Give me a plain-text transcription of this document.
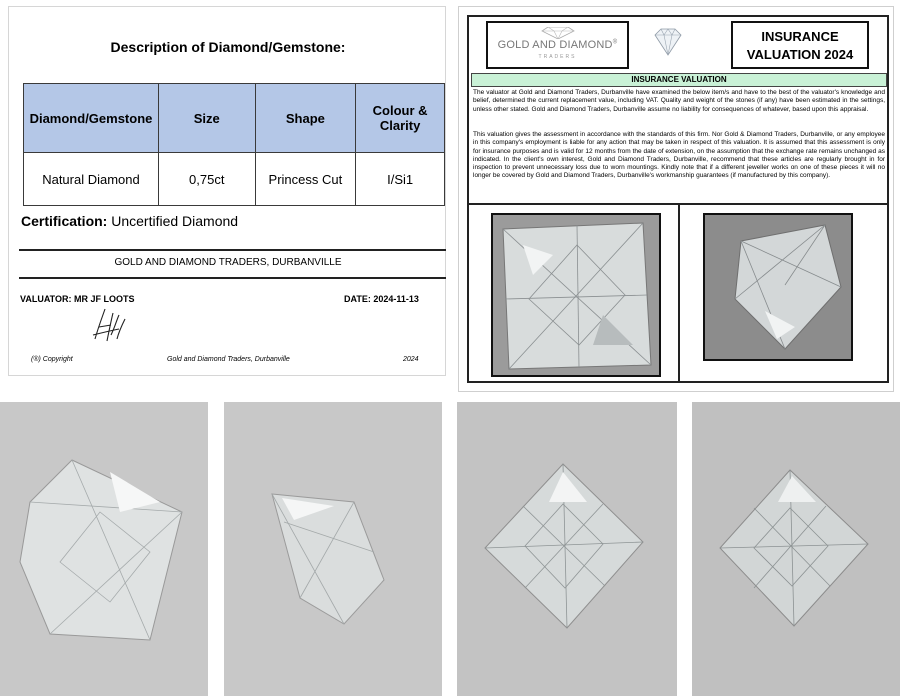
Description of Diamond/Gemstone:
Diamond/Gemstone	Size	Shape	Colour & Clarity
Natural Diamond	0,75ct	Princess Cut	I/Si1
Certification: Uncertified Diamond
GOLD AND DIAMOND TRADERS, DURBANVILLE
VALUATOR: MR JF LOOTS	DATE: 2024-11-13
(®) Copyright	Gold and Diamond Traders, Durbanville	2024
GOLD AND DIAMOND®
TRADERS
INSURANCE
VALUATION 2024
INSURANCE VALUATION
The valuator at Gold and Diamond Traders, Durbanville have examined the below item/s and have to the best of the valuator's knowledge and belief, determined the current replacement value, including VAT. Quality and weight of the stones (if any) have been estimated in the settings, unless other stated. Gold and Diamond Traders, Durbanville assume no liability for consequences of whatever, based upon this appraisal.
This valuation gives the assessment in accordance with the standards of this firm. Nor Gold & Diamond Traders, Durbanville, or any employee in this company's employment is liable for any action that may be taken in respect of this valuation. It is assumed that this assessment is only for insurance purposes and is valid for 12 months from the date of extension, on the assumption that the exchange rate remains unchanged as indicated. In the client's own interest, Gold and Diamond Traders, Durbanville, recommend that these articles are regularly brought in for inspection to prevent unnecessary loss due to worn mountings. Kindly note that if a different jeweller works on one of these pieces it will no longer be covered by Gold and Diamond Traders, Durbanville's workmanship guarantees (if manufactured by this company).
